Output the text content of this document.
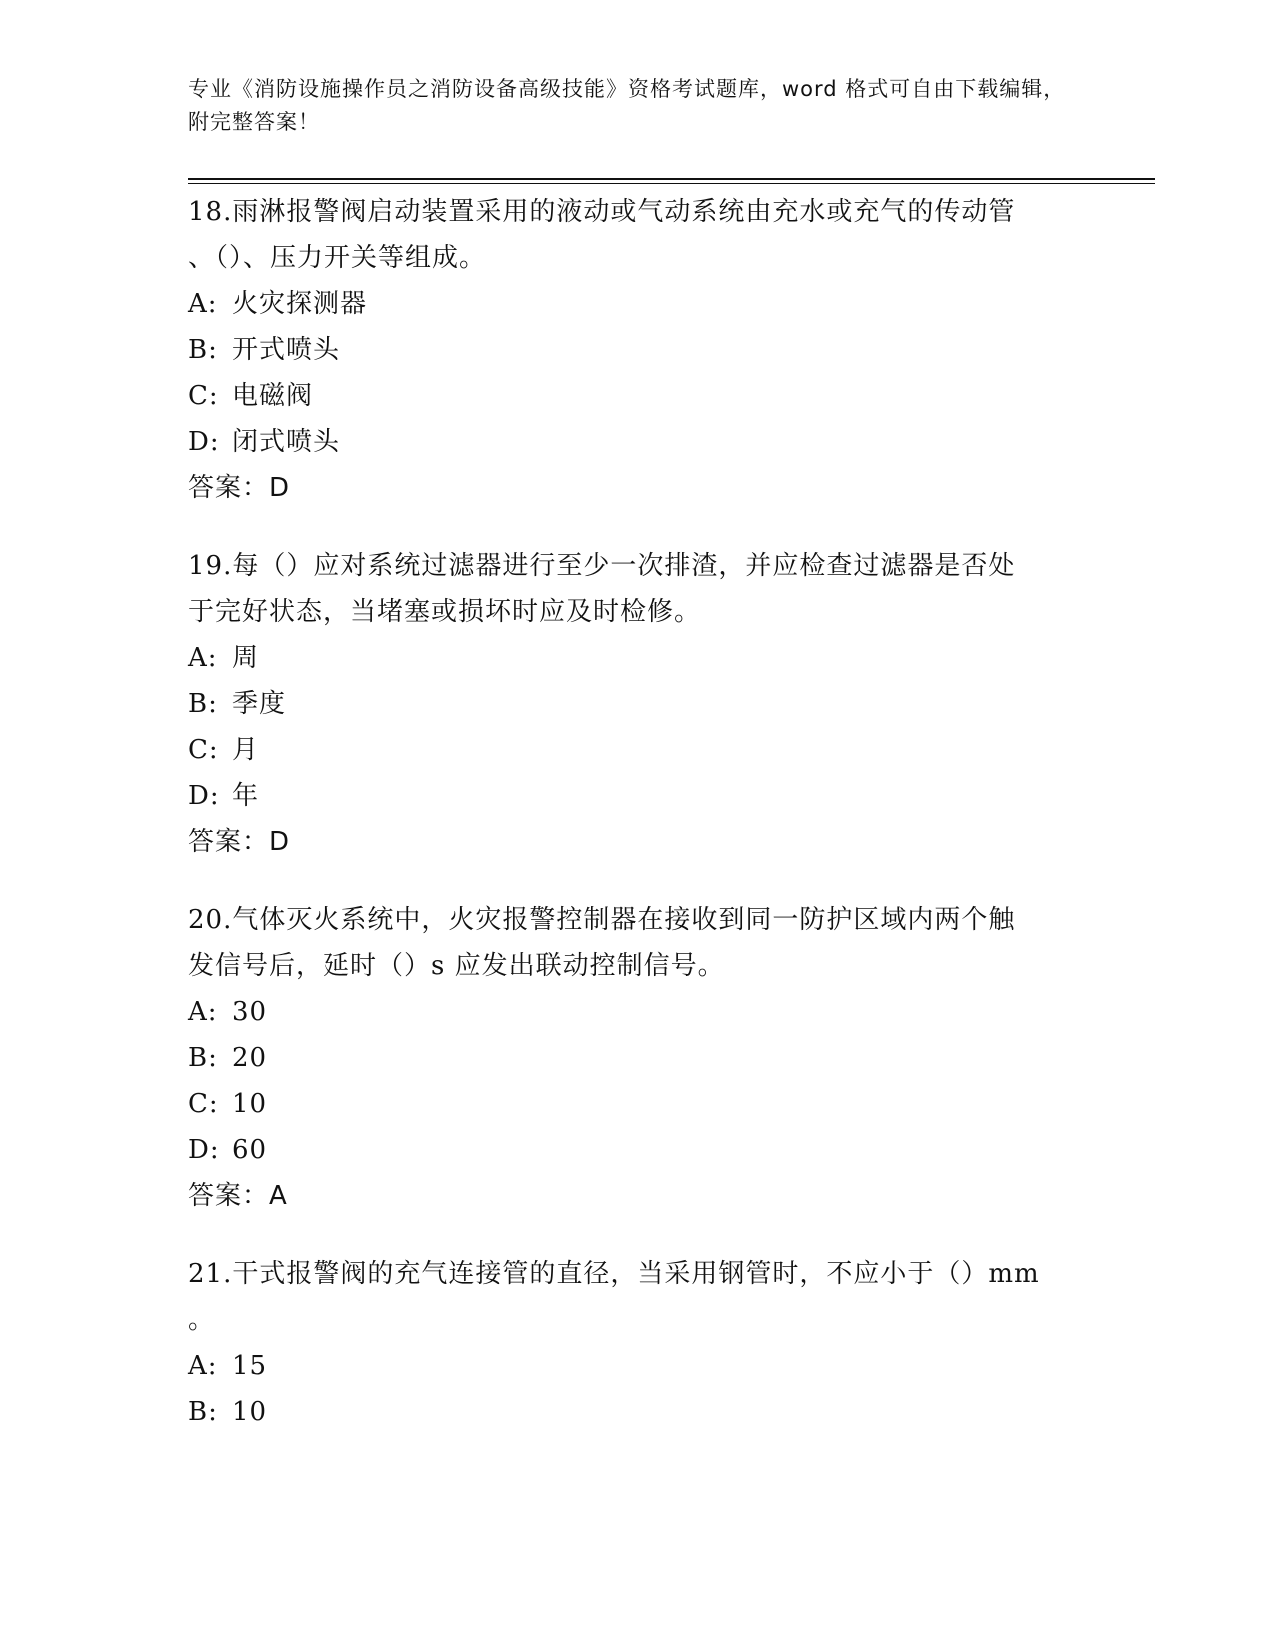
专业《消防设施操作员之消防设备高级技能》资格考试题库，word 格式可自由下载编辑，附完整答案！
18.雨淋报警阀启动装置采用的液动或气动系统由充水或充气的传动管
、（）、压力开关等组成。
A: 火灾探测器
B: 开式喷头
C: 电磁阀
D: 闭式喷头
答案：D
19.每（）应对系统过滤器进行至少一次排渣，并应检查过滤器是否处
于完好状态，当堵塞或损坏时应及时检修。
A: 周
B: 季度
C: 月
D: 年
答案：D
20.气体灭火系统中，火灾报警控制器在接收到同一防护区域内两个触
发信号后，延时（）s 应发出联动控制信号。
A: 30
B: 20
C: 10
D: 60
答案：A
21.干式报警阀的充气连接管的直径，当采用钢管时，不应小于（）mm
。
A: 15
B: 10
